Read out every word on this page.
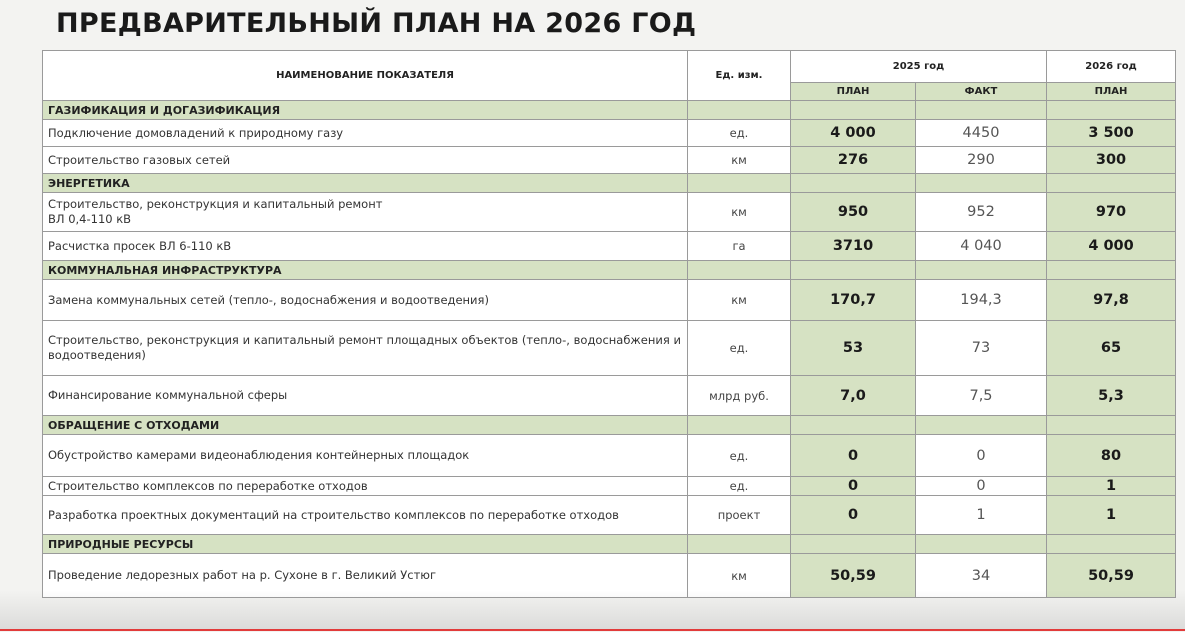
ПРЕДВАРИТЕЛЬНЫЙ ПЛАН НА 2026 ГОД
НАИМЕНОВАНИЕ ПОКАЗАТЕЛЯ	Ед. изм.	2025 год		2026 год
		ПЛАН	ФАКТ	ПЛАН
ГАЗИФИКАЦИЯ И ДОГАЗИФИКАЦИЯ				
Подключение домовладений к природному газу	ед.	4 000	4450	3 500
Строительство газовых сетей	км	276	290	300
ЭНЕРГЕТИКА				
Строительство, реконструкция и капитальный ремонт
ВЛ 0,4-110 кВ	км	950	952	970
Расчистка просек ВЛ 6-110 кВ	га	3710	4 040	4 000
КОММУНАЛЬНАЯ ИНФРАСТРУКТУРА				
Замена коммунальных сетей (тепло-, водоснабжения и водоотведения)	км	170,7	194,3	97,8
Строительство, реконструкция и капитальный ремонт площадных объектов (тепло-, водоснабжения и водоотведения)	ед.	53	73	65
Финансирование коммунальной сферы	млрд руб.	7,0	7,5	5,3
ОБРАЩЕНИЕ С ОТХОДАМИ				
Обустройство камерами видеонаблюдения контейнерных площадок	ед.	0	0	80
Строительство комплексов по переработке отходов	ед.	0	0	1
Разработка проектных документаций на строительство комплексов по переработке отходов	проект	0	1	1
ПРИРОДНЫЕ РЕСУРСЫ				
Проведение ледорезных работ на р. Сухоне в г. Великий Устюг	км	50,59	34	50,59
